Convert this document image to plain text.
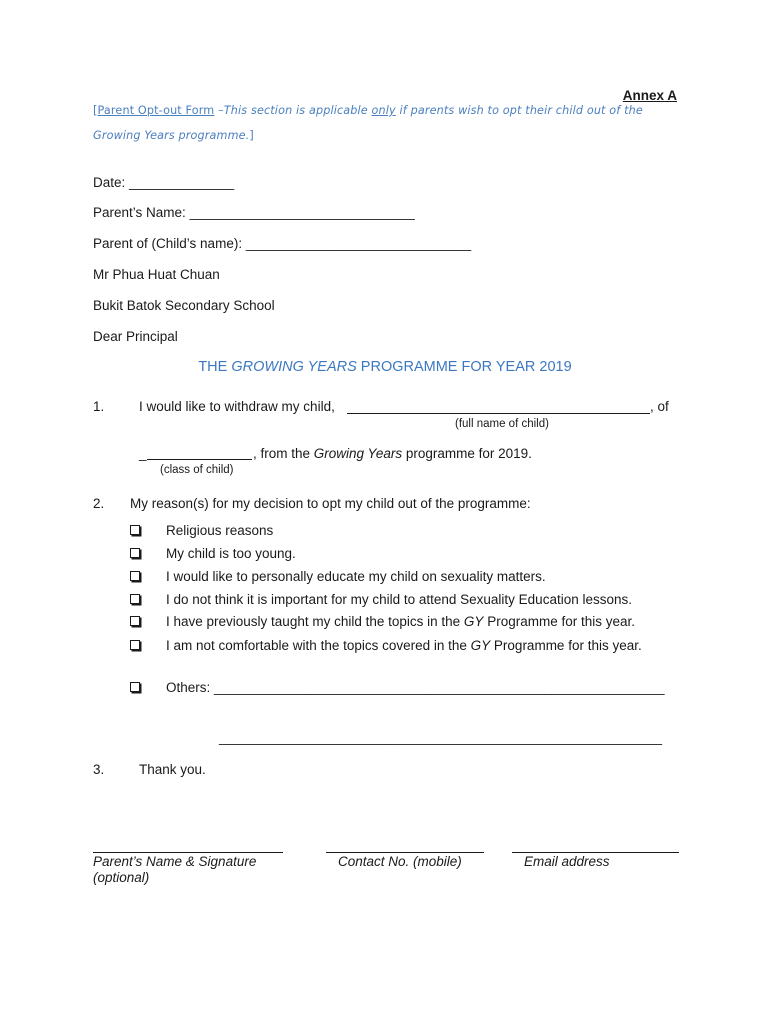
Annex A
[Parent Opt-out Form –This section is applicable only if parents wish to opt their child out of the
Growing Years programme.]
Date: ______________
Parent’s Name: ______________________________
Parent of (Child’s name): ______________________________
Mr Phua Huat Chuan
Bukit Batok Secondary School
Dear Principal
THE GROWING YEARS PROGRAMME FOR YEAR 2019
1.	I would like to withdraw my child,	, of
(full name of child)
_	, from the Growing Years programme for 2019.
(class of child)
2. My reason(s) for my decision to opt my child out of the programme:
Religious reasons
My child is too young.
I would like to personally educate my child on sexuality matters.
I do not think it is important for my child to attend Sexuality Education lessons.
I have previously taught my child the topics in the GY Programme for this year.
I am not comfortable with the topics covered in the GY Programme for this year.
Others: ____________________________________________________________
___________________________________________________________
3.	Thank you.
Parent’s Name & Signature
(optional)
Contact No. (mobile)	Email address
